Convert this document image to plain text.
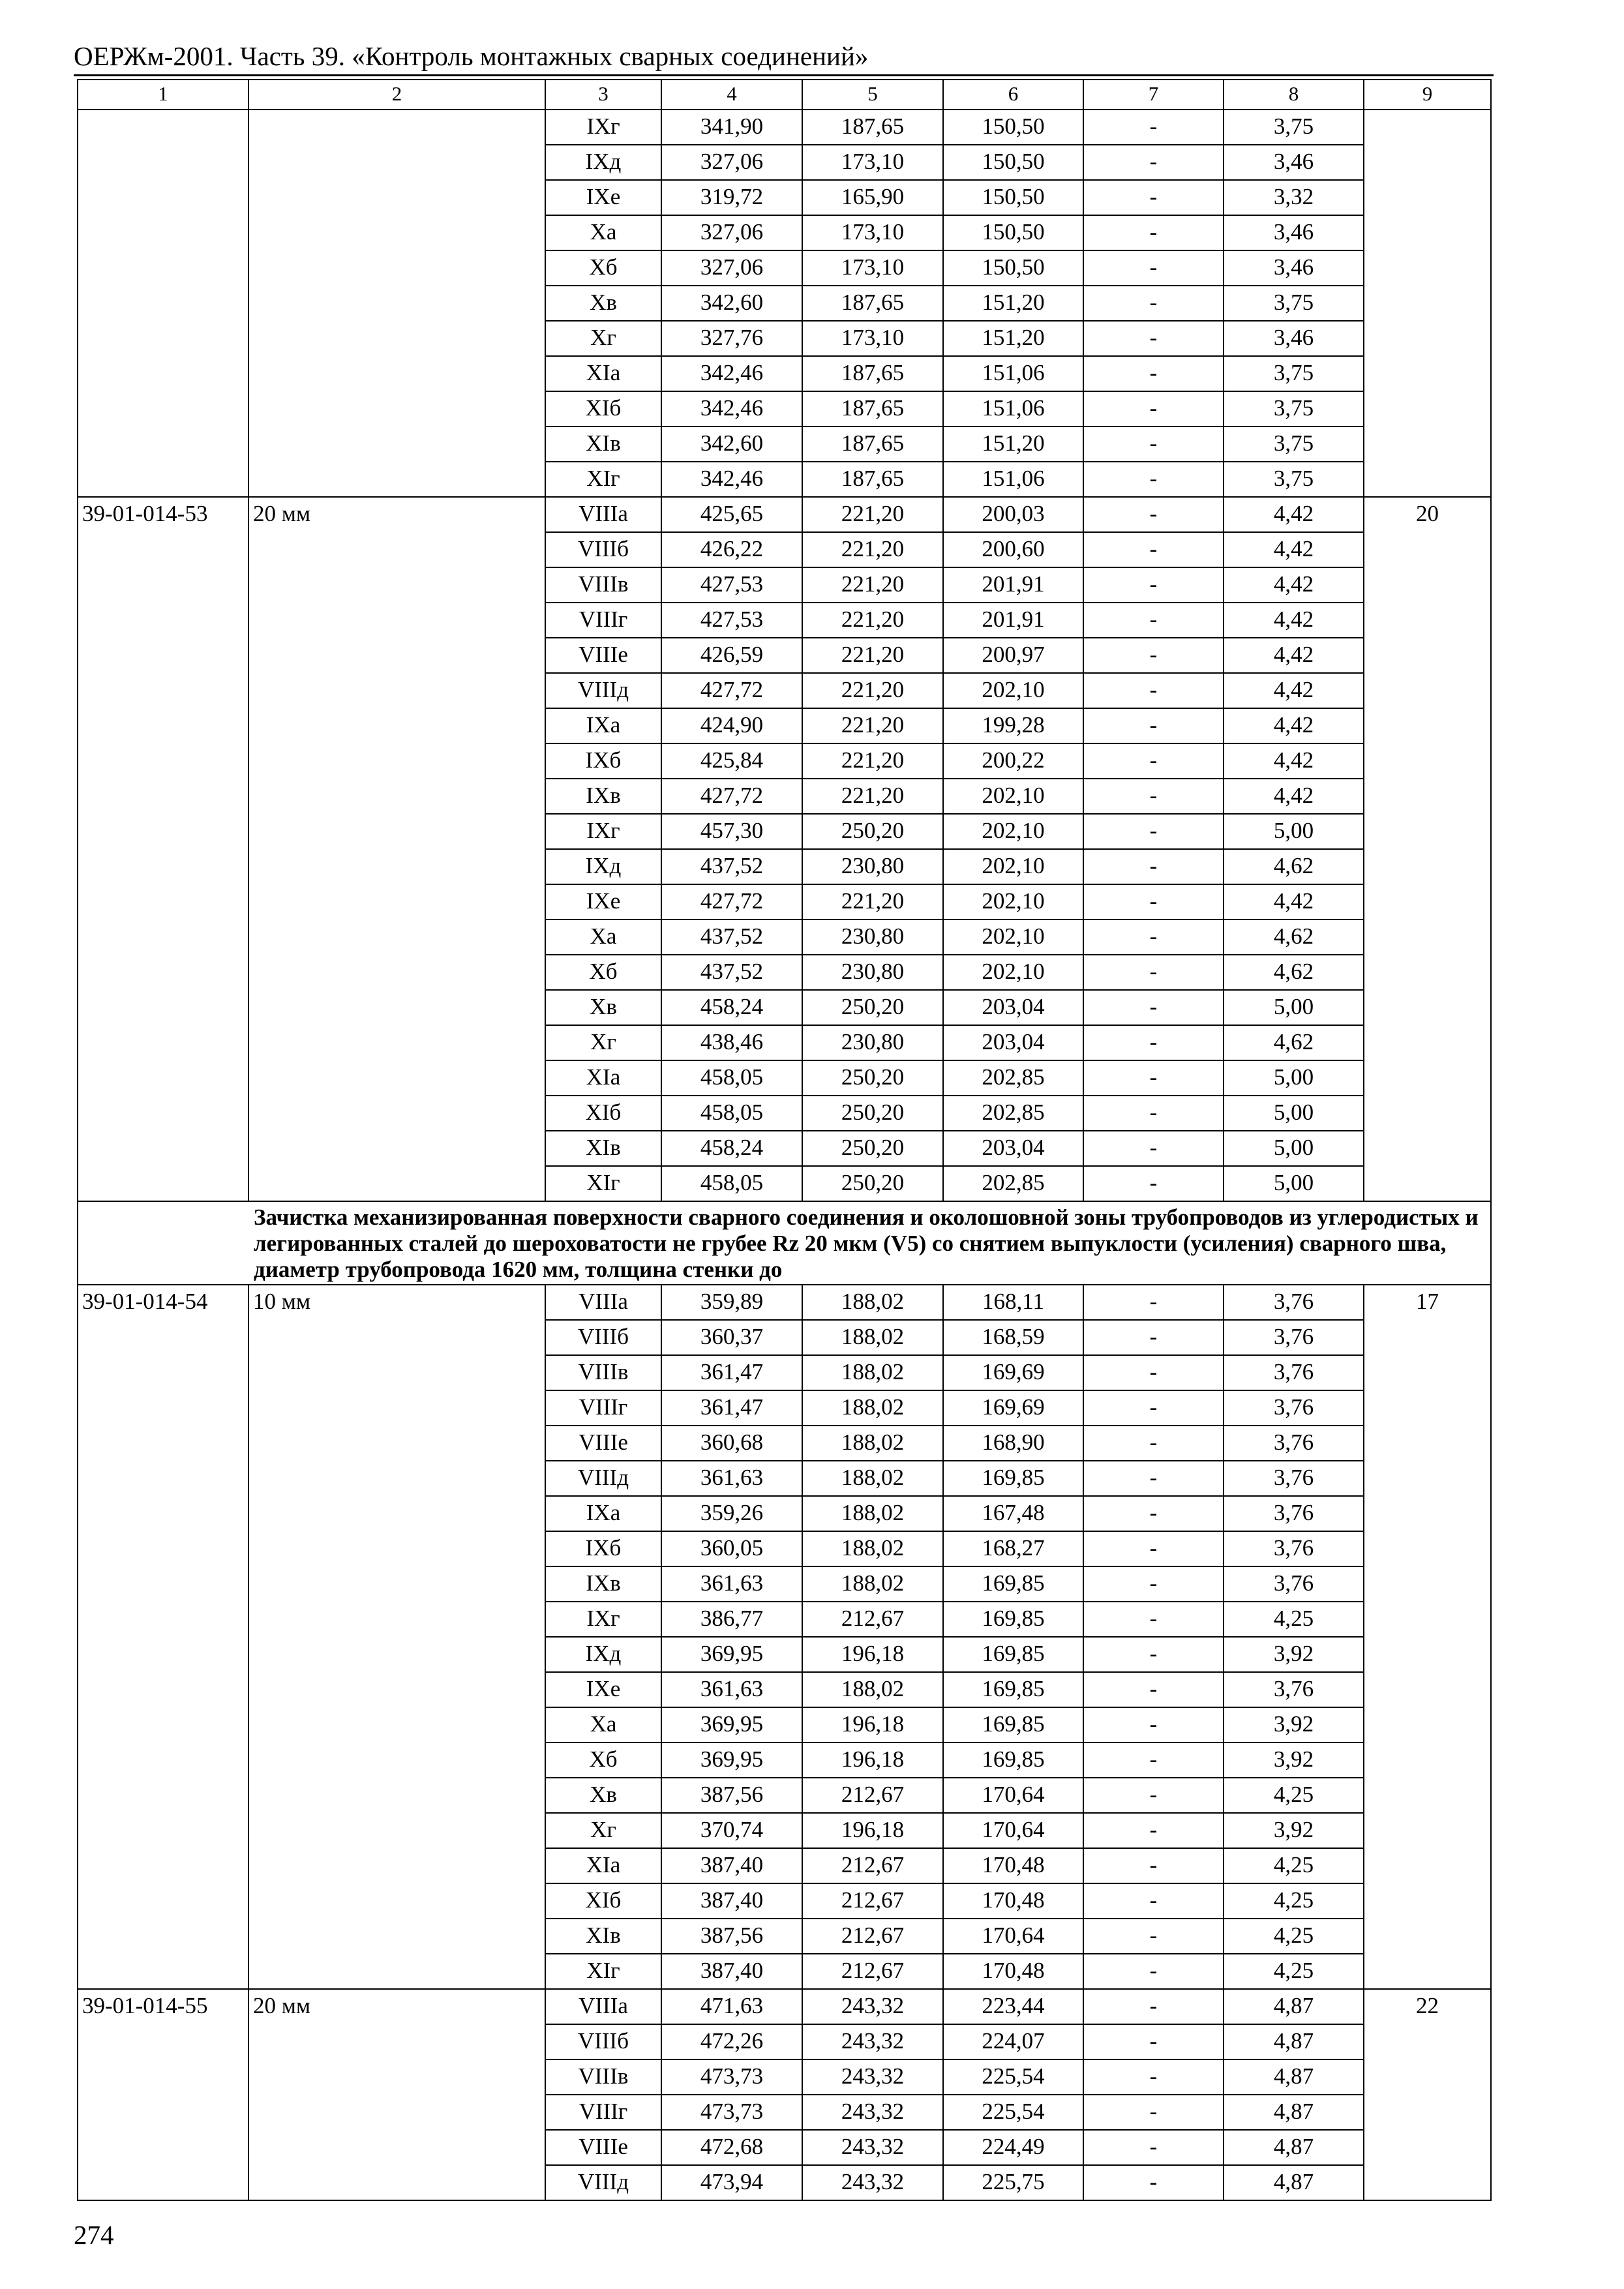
ОЕРЖм-2001. Часть 39. «Контроль монтажных сварных соединений»
1	2	3	4	5	6	7	8	9
		IXг	341,90	187,65	150,50	-	3,75	
		IXд	327,06	173,10	150,50	-	3,46	
		IXе	319,72	165,90	150,50	-	3,32	
		Xа	327,06	173,10	150,50	-	3,46	
		Xб	327,06	173,10	150,50	-	3,46	
		Xв	342,60	187,65	151,20	-	3,75	
		Xг	327,76	173,10	151,20	-	3,46	
		XIа	342,46	187,65	151,06	-	3,75	
		XIб	342,46	187,65	151,06	-	3,75	
		XIв	342,60	187,65	151,20	-	3,75	
		XIг	342,46	187,65	151,06	-	3,75	
39-01-014-53	20 мм	VIIIа	425,65	221,20	200,03	-	4,42	20
		VIIIб	426,22	221,20	200,60	-	4,42	
		VIIIв	427,53	221,20	201,91	-	4,42	
		VIIIг	427,53	221,20	201,91	-	4,42	
		VIIIе	426,59	221,20	200,97	-	4,42	
		VIIIд	427,72	221,20	202,10	-	4,42	
		IXа	424,90	221,20	199,28	-	4,42	
		IXб	425,84	221,20	200,22	-	4,42	
		IXв	427,72	221,20	202,10	-	4,42	
		IXг	457,30	250,20	202,10	-	5,00	
		IXд	437,52	230,80	202,10	-	4,62	
		IXе	427,72	221,20	202,10	-	4,42	
		Xа	437,52	230,80	202,10	-	4,62	
		Xб	437,52	230,80	202,10	-	4,62	
		Xв	458,24	250,20	203,04	-	5,00	
		Xг	438,46	230,80	203,04	-	4,62	
		XIа	458,05	250,20	202,85	-	5,00	
		XIб	458,05	250,20	202,85	-	5,00	
		XIв	458,24	250,20	203,04	-	5,00	
		XIг	458,05	250,20	202,85	-	5,00	
	Зачистка механизированная поверхности сварного соединения и околошовной зоны трубопроводов из углеродистых и легированных сталей до шероховатости не грубее Rz 20 мкм (V5) со снятием выпуклости (усиления) сварного шва, диаметр трубопровода 1620 мм, толщина стенки до							
39-01-014-54	10 мм	VIIIа	359,89	188,02	168,11	-	3,76	17
		VIIIб	360,37	188,02	168,59	-	3,76	
		VIIIв	361,47	188,02	169,69	-	3,76	
		VIIIг	361,47	188,02	169,69	-	3,76	
		VIIIе	360,68	188,02	168,90	-	3,76	
		VIIIд	361,63	188,02	169,85	-	3,76	
		IXа	359,26	188,02	167,48	-	3,76	
		IXб	360,05	188,02	168,27	-	3,76	
		IXв	361,63	188,02	169,85	-	3,76	
		IXг	386,77	212,67	169,85	-	4,25	
		IXд	369,95	196,18	169,85	-	3,92	
		IXе	361,63	188,02	169,85	-	3,76	
		Xа	369,95	196,18	169,85	-	3,92	
		Xб	369,95	196,18	169,85	-	3,92	
		Xв	387,56	212,67	170,64	-	4,25	
		Xг	370,74	196,18	170,64	-	3,92	
		XIа	387,40	212,67	170,48	-	4,25	
		XIб	387,40	212,67	170,48	-	4,25	
		XIв	387,56	212,67	170,64	-	4,25	
		XIг	387,40	212,67	170,48	-	4,25	
39-01-014-55	20 мм	VIIIа	471,63	243,32	223,44	-	4,87	22
		VIIIб	472,26	243,32	224,07	-	4,87	
		VIIIв	473,73	243,32	225,54	-	4,87	
		VIIIг	473,73	243,32	225,54	-	4,87	
		VIIIе	472,68	243,32	224,49	-	4,87	
		VIIIд	473,94	243,32	225,75	-	4,87	
274
